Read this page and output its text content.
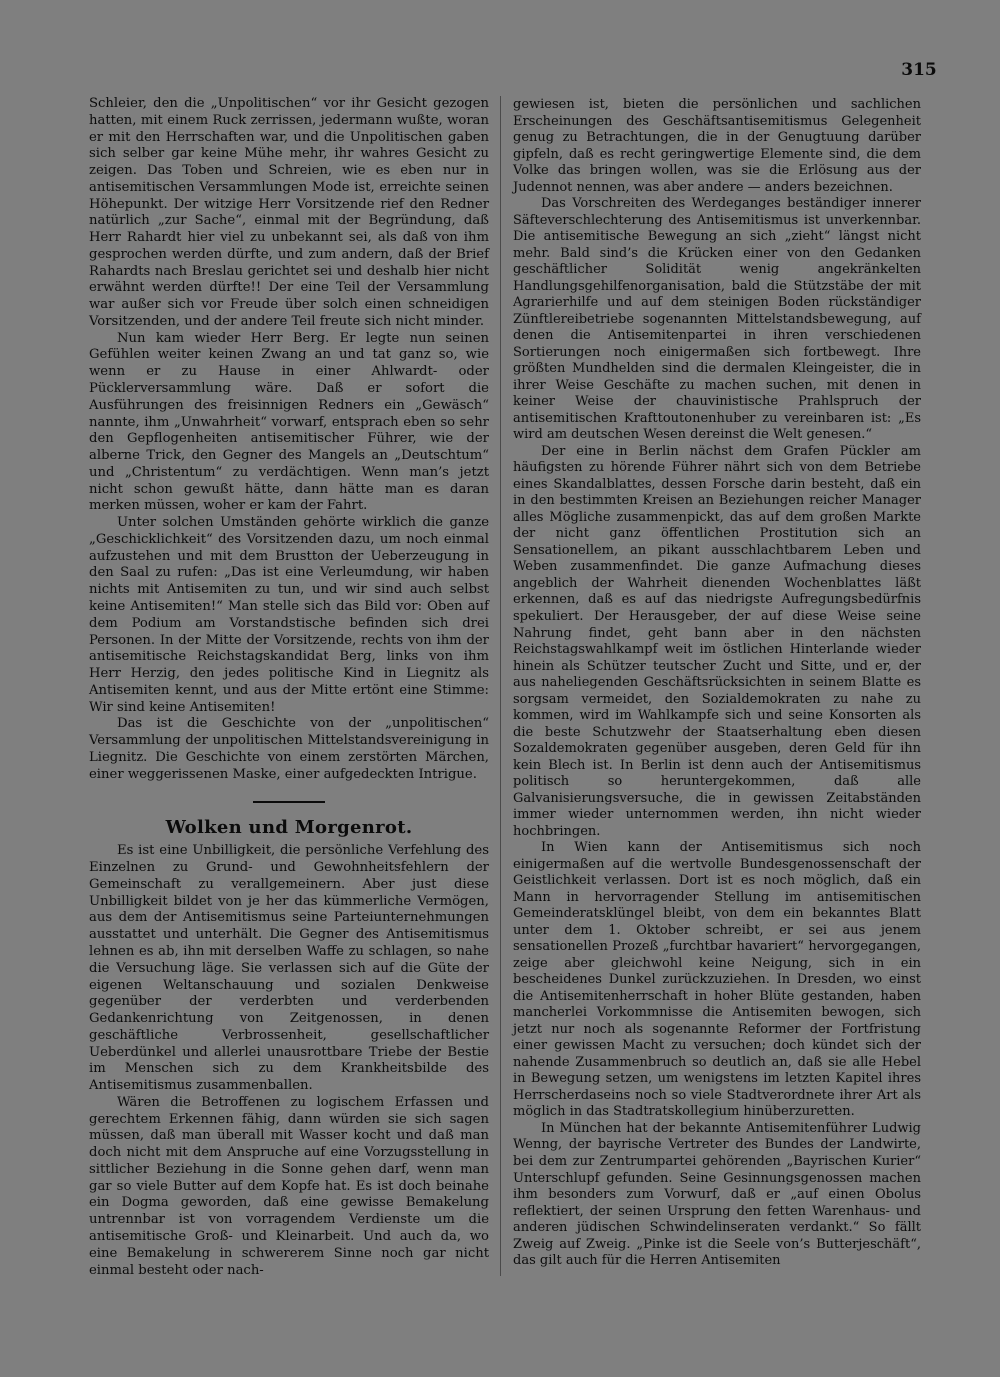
315

Schleier, den die „Unpolitischen“ vor ihr Gesicht gezogen hatten, mit einem Ruck zerrissen, jedermann wußte, woran er mit den Herrschaften war, und die Unpolitischen gaben sich selber gar keine Mühe mehr, ihr wahres Gesicht zu zeigen. Das Toben und Schreien, wie es eben nur in antisemitischen Versammlungen Mode ist, erreichte seinen Höhepunkt. Der witzige Herr Vorsitzende rief den Redner natürlich „zur Sache“, einmal mit der Begründung, daß Herr Rahardt hier viel zu unbekannt sei, als daß von ihm gesprochen werden dürfte, und zum andern, daß der Brief Rahardts nach Breslau gerichtet sei und deshalb hier nicht erwähnt werden dürfte!! Der eine Teil der Versammlung war außer sich vor Freude über solch einen schneidigen Vorsitzenden, und der andere Teil freute sich nicht minder.

Nun kam wieder Herr Berg. Er legte nun seinen Gefühlen weiter keinen Zwang an und tat ganz so, wie wenn er zu Hause in einer Ahlwardt- oder Pücklerversammlung wäre. Daß er sofort die Ausführungen des freisinnigen Redners ein „Gewäsch“ nannte, ihm „Unwahrheit“ vorwarf, entsprach eben so sehr den Gepflogenheiten antisemitischer Führer, wie der alberne Trick, den Gegner des Mangels an „Deutschtum“ und „Christentum“ zu verdächtigen. Wenn man’s jetzt nicht schon gewußt hätte, dann hätte man es daran merken müssen, woher er kam der Fahrt.

Unter solchen Umständen gehörte wirklich die ganze „Geschicklichkeit“ des Vorsitzenden dazu, um noch einmal aufzustehen und mit dem Brustton der Ueberzeugung in den Saal zu rufen: „Das ist eine Verleumdung, wir haben nichts mit Antisemiten zu tun, und wir sind auch selbst keine Antisemiten!“ Man stelle sich das Bild vor: Oben auf dem Podium am Vorstandstische befinden sich drei Personen. In der Mitte der Vorsitzende, rechts von ihm der antisemitische Reichstagskandidat Berg, links von ihm Herr Herzig, den jedes politische Kind in Liegnitz als Antisemiten kennt, und aus der Mitte ertönt eine Stimme: Wir sind keine Antisemiten!

Das ist die Geschichte von der „unpolitischen“ Versammlung der unpolitischen Mittelstandsvereinigung in Liegnitz. Die Geschichte von einem zerstörten Märchen, einer weggerissenen Maske, einer aufgedeckten Intrigue.

Wolken und Morgenrot.

Es ist eine Unbilligkeit, die persönliche Verfehlung des Einzelnen zu Grund- und Gewohnheitsfehlern der Gemeinschaft zu verallgemeinern. Aber just diese Unbilligkeit bildet von je her das kümmerliche Vermögen, aus dem der Antisemitismus seine Parteiunternehmungen ausstattet und unterhält. Die Gegner des Antisemitismus lehnen es ab, ihn mit derselben Waffe zu schlagen, so nahe die Versuchung läge. Sie verlassen sich auf die Güte der eigenen Weltanschauung und sozialen Denkweise gegenüber der verderbten und verderbenden Gedankenrichtung von Zeitgenossen, in denen geschäftliche Verbrossenheit, gesellschaftlicher Ueberdünkel und allerlei unausrottbare Triebe der Bestie im Menschen sich zu dem Krankheitsbilde des Antisemitismus zusammenballen.

Wären die Betroffenen zu logischem Erfassen und gerechtem Erkennen fähig, dann würden sie sich sagen müssen, daß man überall mit Wasser kocht und daß man doch nicht mit dem Anspruche auf eine Vorzugsstellung in sittlicher Beziehung in die Sonne gehen darf, wenn man gar so viele Butter auf dem Kopfe hat. Es ist doch beinahe ein Dogma geworden, daß eine gewisse Bemakelung untrennbar ist von vorragendem Verdienste um die antisemitische Groß- und Kleinarbeit. Und auch da, wo eine Bemakelung in schwererem Sinne noch gar nicht einmal besteht oder nach-

gewiesen ist, bieten die persönlichen und sachlichen Erscheinungen des Geschäftsantisemitismus Gelegenheit genug zu Betrachtungen, die in der Genugtuung darüber gipfeln, daß es recht geringwertige Elemente sind, die dem Volke das bringen wollen, was sie die Erlösung aus der Judennot nennen, was aber andere — anders bezeichnen.

Das Vorschreiten des Werdeganges beständiger innerer Säfteverschlechterung des Antisemitismus ist unverkennbar. Die antisemitische Bewegung an sich „zieht“ längst nicht mehr. Bald sind’s die Krücken einer von den Gedanken geschäftlicher Solidität wenig angekränkelten Handlungsgehilfenorganisation, bald die Stützstäbe der mit Agrarierhilfe und auf dem steinigen Boden rückständiger Zünftlereibetriebe sogenannten Mittelstandsbewegung, auf denen die Antisemitenpartei in ihren verschiedenen Sortierungen noch einigermaßen sich fortbewegt. Ihre größten Mundhelden sind die dermalen Kleingeister, die in ihrer Weise Geschäfte zu machen suchen, mit denen in keiner Weise der chauvinistische Prahlspruch der antisemitischen Krafttoutonenhuber zu vereinbaren ist: „Es wird am deutschen Wesen dereinst die Welt genesen.“

Der eine in Berlin nächst dem Grafen Pückler am häufigsten zu hörende Führer nährt sich von dem Betriebe eines Skandalblattes, dessen Forsche darin besteht, daß ein in den bestimmten Kreisen an Beziehungen reicher Manager alles Mögliche zusammenpickt, das auf dem großen Markte der nicht ganz öffentlichen Prostitution sich an Sensationellem, an pikant ausschlachtbarem Leben und Weben zusammenfindet. Die ganze Aufmachung dieses angeblich der Wahrheit dienenden Wochenblattes läßt erkennen, daß es auf das niedrigste Aufregungsbedürfnis spekuliert. Der Herausgeber, der auf diese Weise seine Nahrung findet, geht bann aber in den nächsten Reichstagswahlkampf weit im östlichen Hinterlande wieder hinein als Schützer teutscher Zucht und Sitte, und er, der aus naheliegenden Geschäftsrücksichten in seinem Blatte es sorgsam vermeidet, den Sozialdemokraten zu nahe zu kommen, wird im Wahlkampfe sich und seine Konsorten als die beste Schutzwehr der Staatserhaltung eben diesen Sozaldemokraten gegenüber ausgeben, deren Geld für ihn kein Blech ist. In Berlin ist denn auch der Antisemitismus politisch so heruntergekommen, daß alle Galvanisierungsversuche, die in gewissen Zeitabständen immer wieder unternommen werden, ihn nicht wieder hochbringen.

In Wien kann der Antisemitismus sich noch einigermaßen auf die wertvolle Bundesgenossenschaft der Geistlichkeit verlassen. Dort ist es noch möglich, daß ein Mann in hervorragender Stellung im antisemitischen Gemeinderatsklüngel bleibt, von dem ein bekanntes Blatt unter dem 1. Oktober schreibt, er sei aus jenem sensationellen Prozeß „furchtbar havariert“ hervorgegangen, zeige aber gleichwohl keine Neigung, sich in ein bescheidenes Dunkel zurückzuziehen. In Dresden, wo einst die Antisemitenherrschaft in hoher Blüte gestanden, haben mancherlei Vorkommnisse die Antisemiten bewogen, sich jetzt nur noch als sogenannte Reformer der Fortfristung einer gewissen Macht zu versuchen; doch kündet sich der nahende Zusammenbruch so deutlich an, daß sie alle Hebel in Bewegung setzen, um wenigstens im letzten Kapitel ihres Herrscherdaseins noch so viele Stadtverordnete ihrer Art als möglich in das Stadtratskollegium hinüberzuretten.

In München hat der bekannte Antisemitenführer Ludwig Wenng, der bayrische Vertreter des Bundes der Landwirte, bei dem zur Zentrumpartei gehörenden „Bayrischen Kurier“ Unterschlupf gefunden. Seine Gesinnungsgenossen machen ihm besonders zum Vorwurf, daß er „auf einen Obolus reflektiert, der seinen Ursprung den fetten Warenhaus- und anderen jüdischen Schwindelinseraten verdankt.“ So fällt Zweig auf Zweig. „Pinke ist die Seele von’s Butterjeschäft“, das gilt auch für die Herren Antisemiten
